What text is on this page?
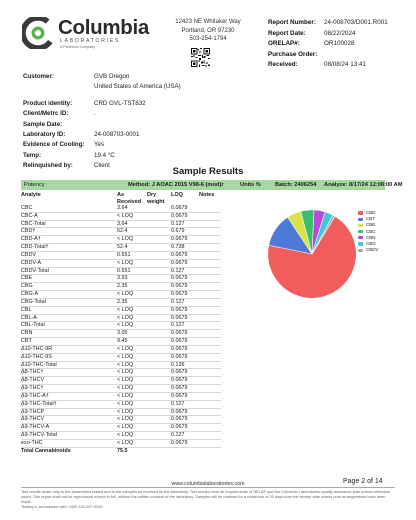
Columbia
LABORATORIES
A Pantheon Company
12423 NE Whitaker Way
Portland, OR 97230
503-254-1794
Report Number:	24-008703/D001.R001
Report Date:	08/22/2024
ORELAP#:	OR100028
Purchase Order:
Received:	08/08/24 13:41
Customer:	GVB Oregon
United States of America (USA)
Product identity:	CRD GVL-TST832
Client/Metrc ID:	.
Sample Date:
Laboratory ID:	24-008703-0001
Evidence of Cooling:	Yes
Temp:	19.4 °C
Relinquished by:	Client
Sample Results
Potency	Method: J AOAC 2015 V98-6 (mod)r	Units % Batch: 2406254 Analyze: 8/17/24 12:08:00 AM
Analyte	As
Received
Dry
weight
LOQ	Notes
CBC	3.64	0.0679
CBC-A	< LOQ	0.0679
CBC-Total	3.64	0.127
CBD†	52.4	0.679
CBD-A†	< LOQ	0.0679
CBD-Total†	52.4	0.738
CBDV	0.651	0.0679
CBDV-A	< LOQ	0.0679
CBDV-Total	0.651	0.127
CBE	3.93	0.0679
CBG	2.35	0.0679
CBG-A	< LOQ	0.0679
CBG-Total	2.35	0.127
CBL	< LOQ	0.0679
CBL-A	< LOQ	0.0679
CBL-Total	< LOQ	0.127
CBN	3.05	0.0679
CBT	9.45	0.0679
Δ10-THC-9R	< LOQ	0.0679
Δ10-THC-9S	< LOQ	0.0679
Δ10-THC-Total	< LOQ	0.136
Δ8-THC†	< LOQ	0.0679
Δ8-THCV	< LOQ	0.0679
Δ9-THC†	< LOQ	0.0679
Δ9-THC-A†	< LOQ	0.0679
Δ9-THC-Total†	< LOQ	0.127
Δ9-THCP	< LOQ	0.0679
Δ9-THCV	< LOQ	0.0679
Δ9-THCV-A	< LOQ	0.0679
Δ9-THCV-Total	< LOQ	0.127
exo-THC	< LOQ	0.0679
Total Cannabinoids	75.5
CBD
CBT
CBE
CBC
CBN
CBG
CBDV
Page 2 of 14
www.columbialaboratories.com
Test results relate only to the parameters tested and to the samples as received by the laboratory. Test results meet all requirements of NELAP and the Columbia Laboratories quality assurance plan unless otherwise noted. This report shall not be reproduced except in full, without the written consent of the laboratory. Samples will be retained for a maximum of 30 days from the receipt date unless prior arrangements have been made.
Testing in accordance with: OAR 333-007-0300
